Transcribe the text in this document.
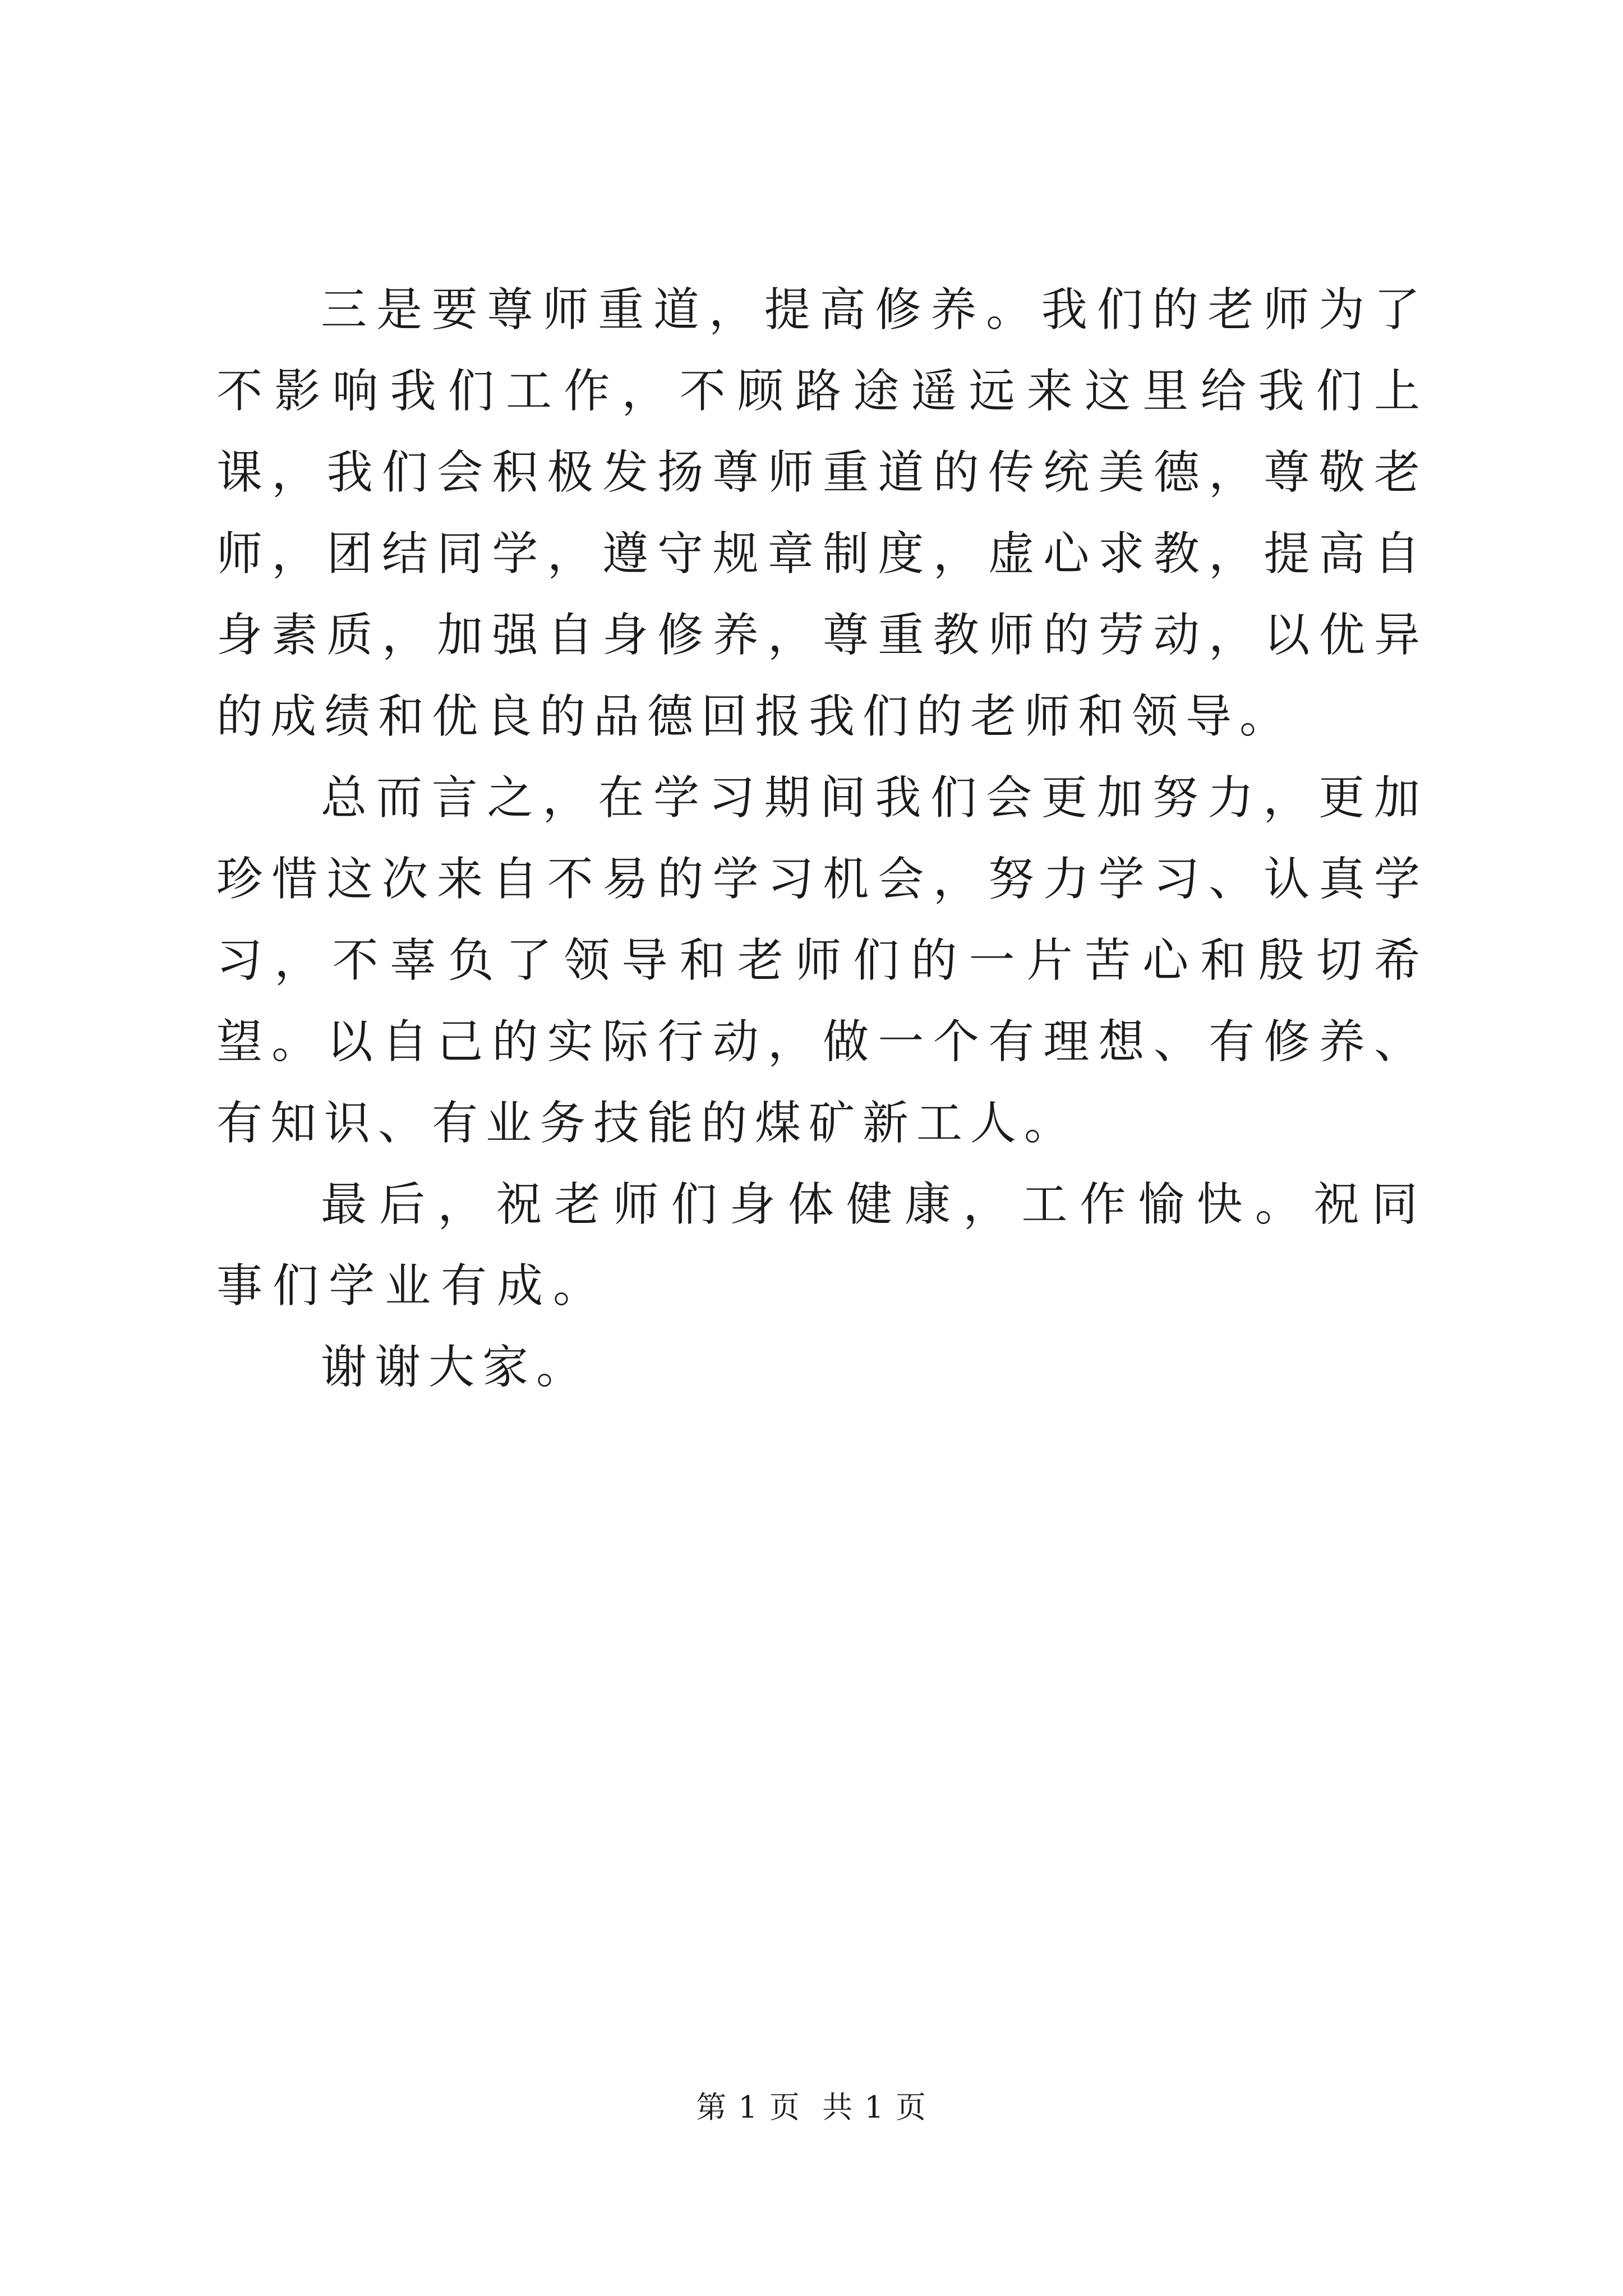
三是要尊师重道，提高修养。我们的老师为了不影响我们工作，不顾路途遥远来这里给我们上课，我们会积极发扬尊师重道的传统美德，尊敬老师，团结同学，遵守规章制度，虚心求教，提高自身素质，加强自身修养，尊重教师的劳动，以优异的成绩和优良的品德回报我们的老师和领导。

总而言之，在学习期间我们会更加努力，更加珍惜这次来自不易的学习机会，努力学习、认真学习，不辜负了领导和老师们的一片苦心和殷切希望。以自己的实际行动，做一个有理想、有修养、有知识、有业务技能的煤矿新工人。

最后，祝老师们身体健康，工作愉快。祝同事们学业有成。

谢谢大家。

第 1 页  共 1 页
